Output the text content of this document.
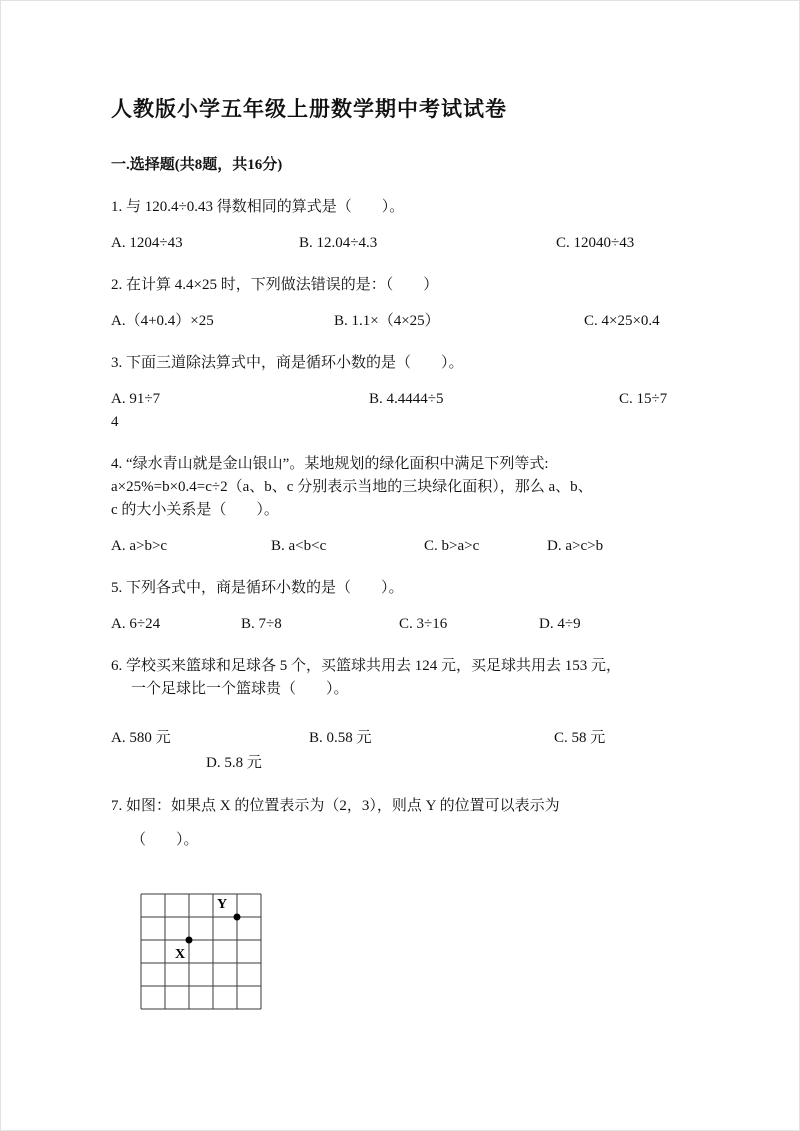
人教版小学五年级上册数学期中考试试卷
一.选择题(共8题，共16分)
1. 与 120.4÷0.43 得数相同的算式是（　　）。
A. 1204÷43	B. 12.04÷4.3	C. 12040÷43
2. 在计算 4.4×25 时，下列做法错误的是：（　　）
A.（4+0.4）×25	B. 1.1×（4×25）	C. 4×25×0.4
3. 下面三道除法算式中，商是循环小数的是（　　）。
A. 91÷7	B. 4.4444÷5	C. 15÷7
4
4. “绿水青山就是金山银山”。某地规划的绿化面积中满足下列等式:
a×25%=b×0.4=c÷2（a、b、c 分别表示当地的三块绿化面积），那么 a、b、
c 的大小关系是（　　）。
A. a>b>c	B. a<b<c	C. b>a>c	D. a>c>b
5. 下列各式中，商是循环小数的是（　　）。
A. 6÷24	B. 7÷8	C. 3÷16	D. 4÷9
6. 学校买来篮球和足球各 5 个，买篮球共用去 124 元，买足球共用去 153 元，
一个足球比一个篮球贵（　　）。
A. 580 元	B. 0.58 元	C. 58 元
D. 5.8 元
7. 如图：如果点 X 的位置表示为（2，3），则点 Y 的位置可以表示为
（　　）。
X
Y
